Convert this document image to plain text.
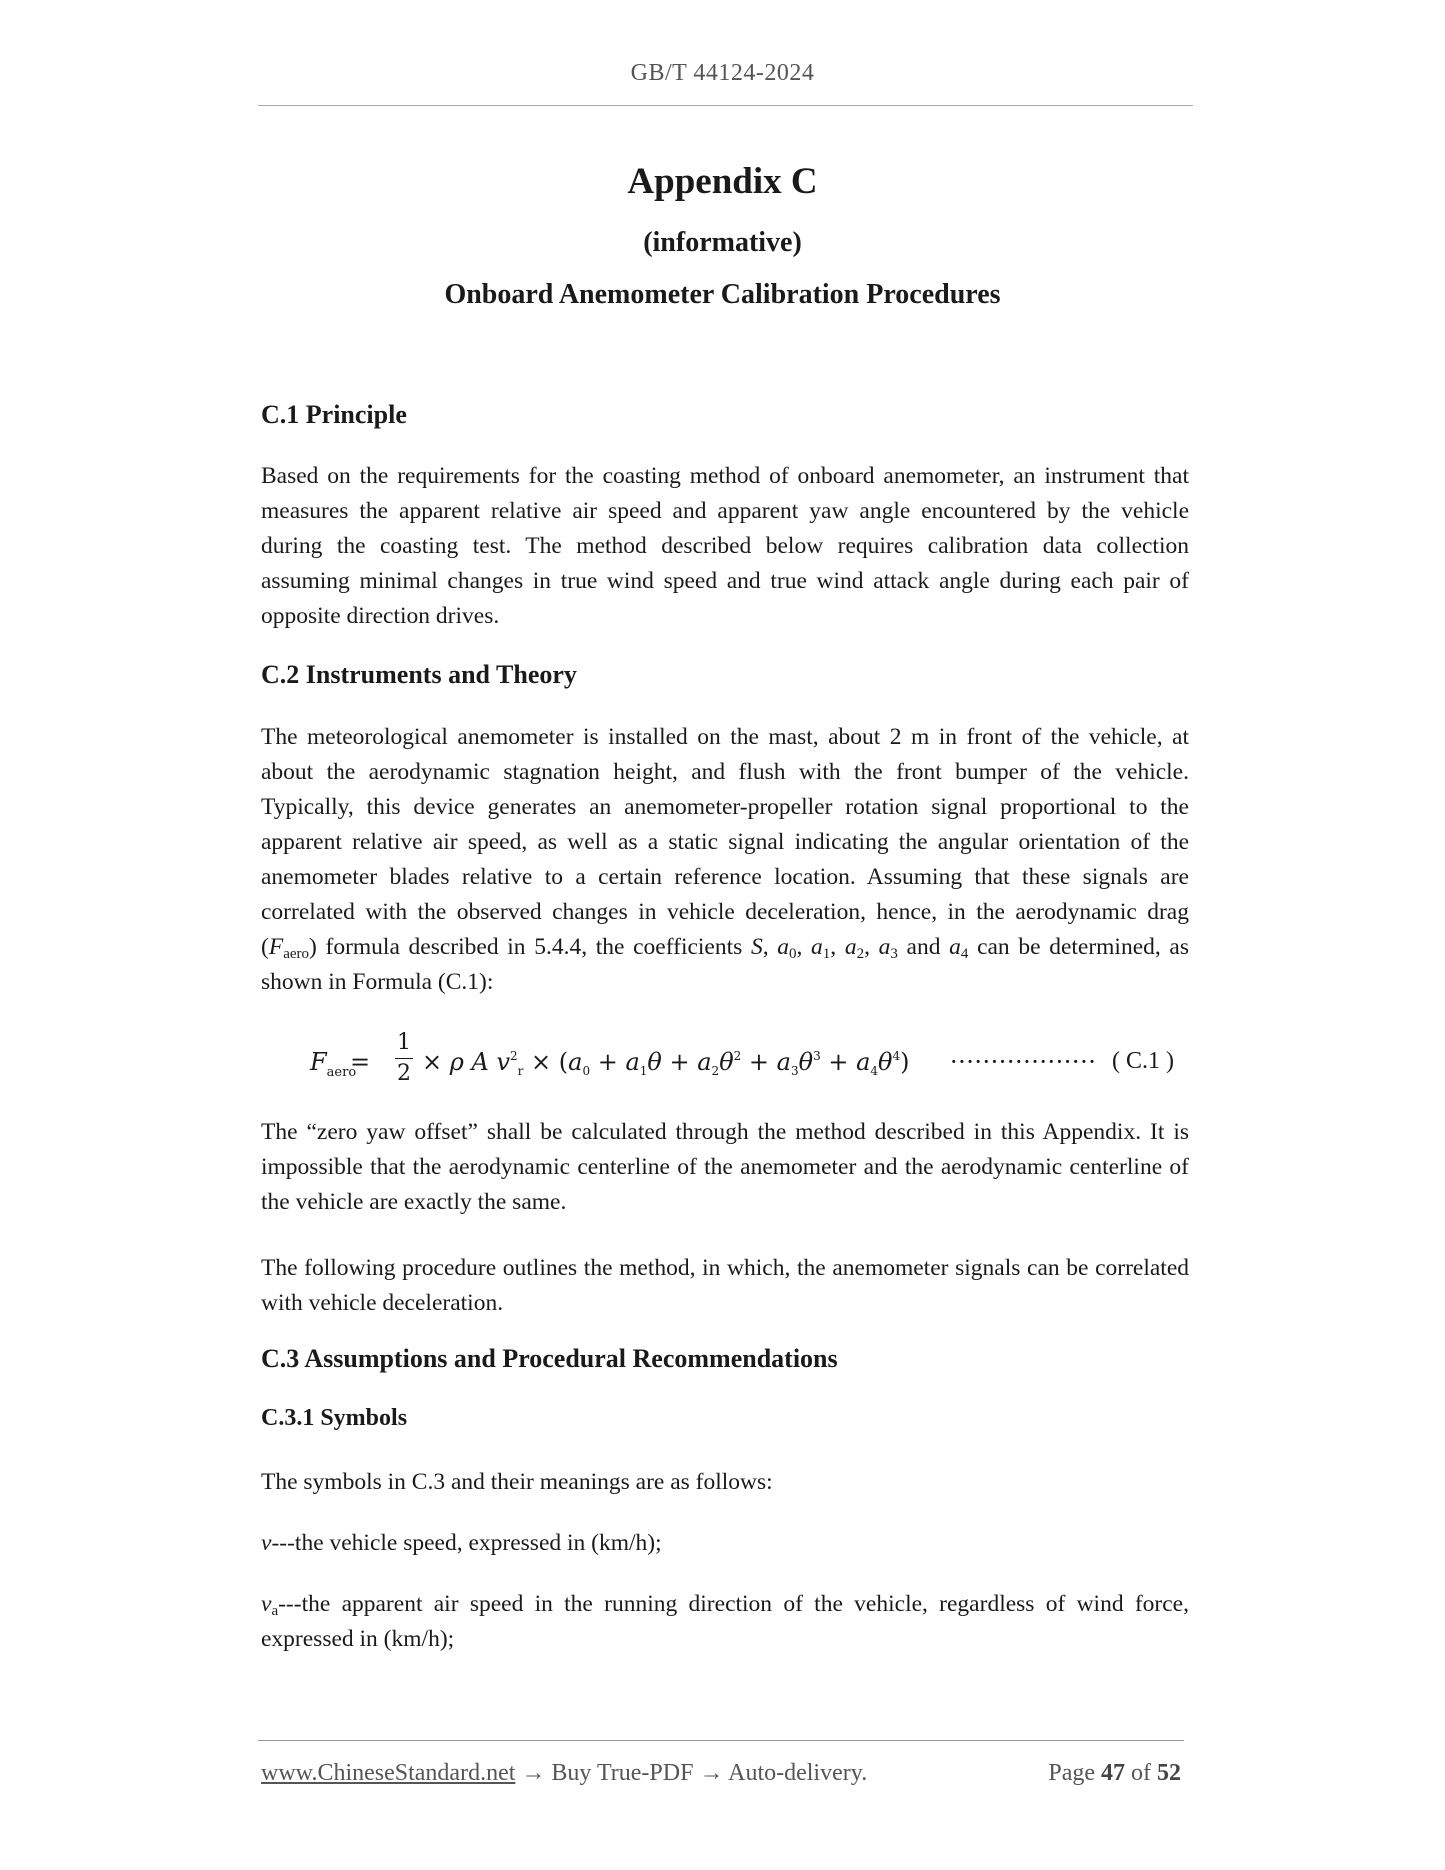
GB/T 44124-2024
Appendix C
(informative)
Onboard Anemometer Calibration Procedures
C.1 Principle

Based on the requirements for the coasting method of onboard anemometer, an instrument that measures the apparent relative air speed and apparent yaw angle encountered by the vehicle during the coasting test. The method described below requires calibration data collection assuming minimal changes in true wind speed and true wind attack angle during each pair of opposite direction drives.

C.2 Instruments and Theory

The meteorological anemometer is installed on the mast, about 2 m in front of the vehicle, at about the aerodynamic stagnation height, and flush with the front bumper of the vehicle. Typically, this device generates an anemometer-propeller rotation signal proportional to the apparent relative air speed, as well as a static signal indicating the angular orientation of the anemometer blades relative to a certain reference location. Assuming that these signals are correlated with the observed changes in vehicle deceleration, hence, in the aerodynamic drag $(F_{aero})$ formula described in 5.4.4, the coefficients S, $a_0$, $a_1$, $a_2$, $a_3$ and $a_4$ can be determined, as shown in Formula (C.1):

$F_{aero}$
=
1
2 × ρ A $v^2_r \times (a_0 + a_1\theta + a_2\theta^2 + a_3\theta^3 + a_4\theta^4)$ ·················· ( C.1 )

The “zero yaw offset” shall be calculated through the method described in this Appendix. It is impossible that the aerodynamic centerline of the anemometer and the aerodynamic centerline of the vehicle are exactly the same.

The following procedure outlines the method, in which, the anemometer signals can be correlated with vehicle deceleration.

C.3 Assumptions and Procedural Recommendations
C.3.1 Symbols

The symbols in C.3 and their meanings are as follows:

v---the vehicle speed, expressed in (km/h);

$v_a--$-the apparent air speed in the running direction of the vehicle, regardless of wind force, expressed in (km/h);

www.ChineseStandard.net → Buy True-PDF → Auto-delivery.	Page 47 of 52
